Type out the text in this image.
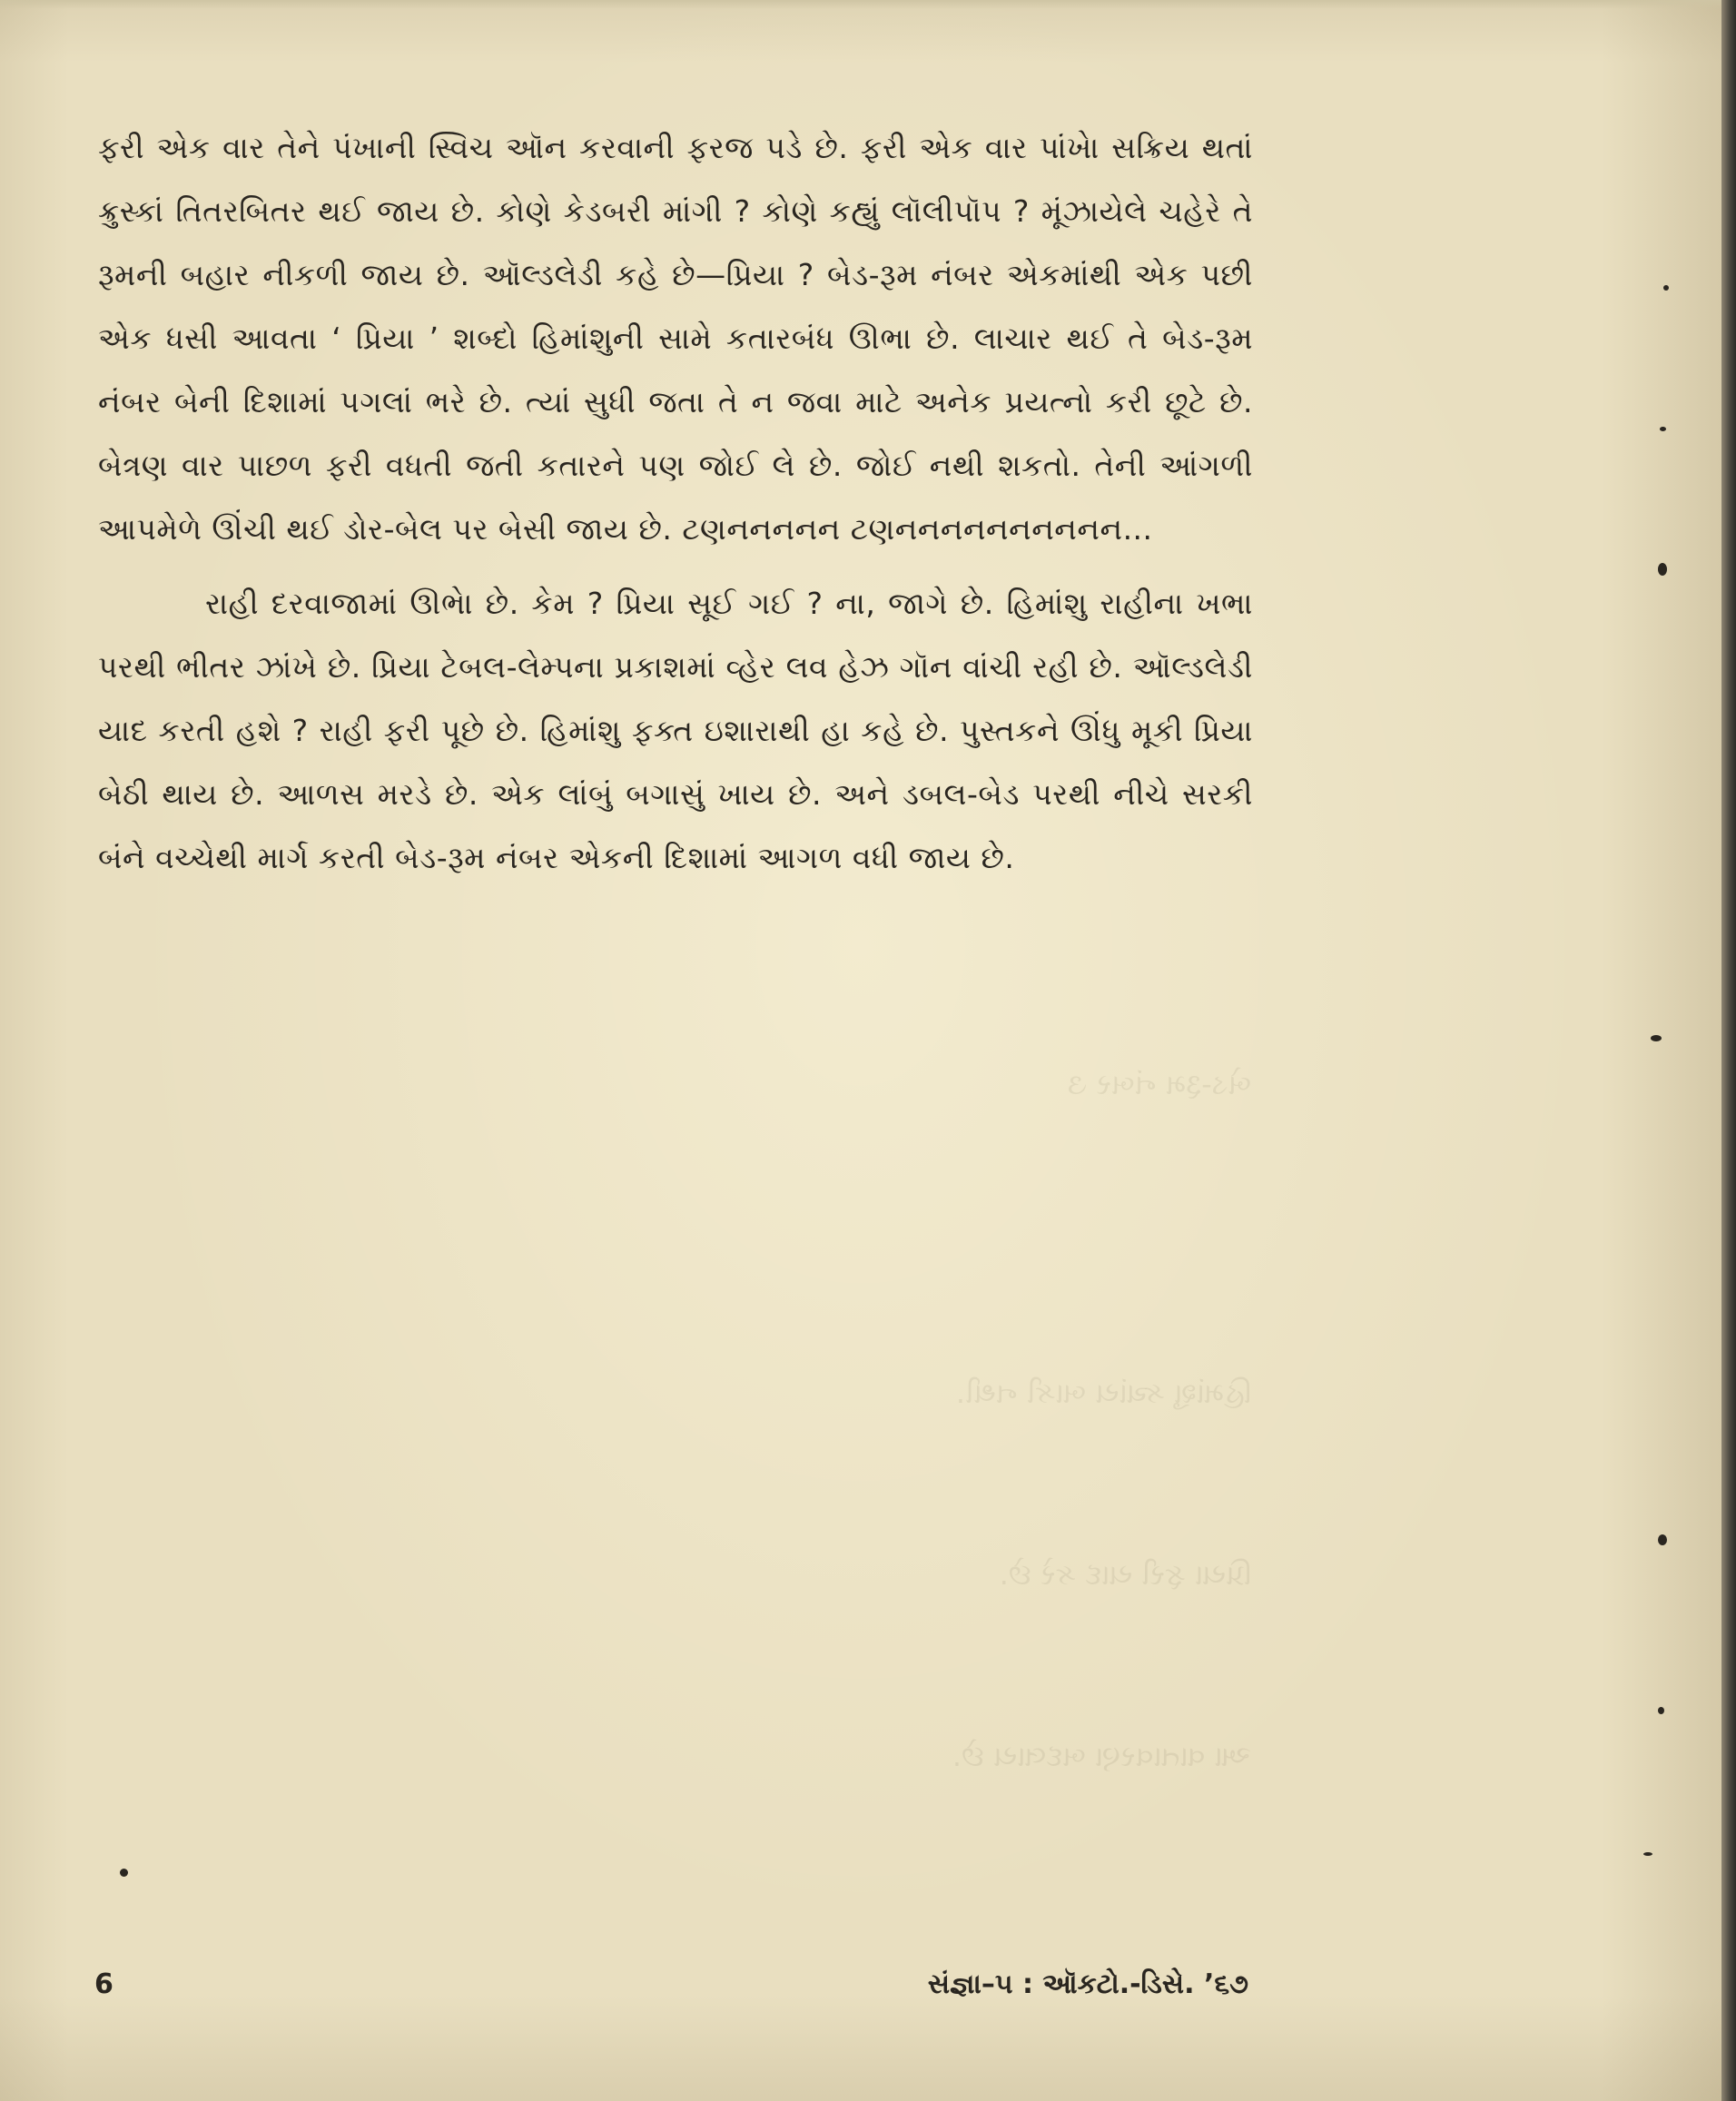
બેડ-રૂમ નંબર ૩
હિમાંશુ ક્યાંય બાકી નથી.
પ્રિયા ફરી યાદ કરે છે.
આ વાતાવરણ બદલાય છે.

ફરી એક વાર તેને પંખાની સ્વિચ ઑન કરવાની ફરજ પડે છે. ફરી એક વાર પાંખેા સક્રિય થતાં ક્રુસ્કાં તિતરબિતર થઈ જાય છે. કોણે કેડબરી માંગી ? કોણે કહ્યું લૉલીપૉપ ? મૂંઝાયેલે ચહેરે તે રૂમની બહાર નીકળી જાય છે. ઑલ્ડલેડી કહે છે—પ્રિયા ? બેડ-રૂમ નંબર એકમાંથી એક પછી એક ધસી આવતા ‘ પ્રિયા ’ શબ્દો હિમાંશુની સામે કતારબંધ ઊભા છે. લાચાર થઈ તે બેડ-રૂમ નંબર બેની દિશામાં પગલાં ભરે છે. ત્યાં સુધી જતા તે ન જવા માટે અનેક પ્રયત્નો કરી છૂટે છે. બેત્રણ વાર પાછળ ફરી વધતી જતી કતારને પણ જોઈ લે છે. જોઈ નથી શકતો. તેની આંગળી આપમેળે ઊંચી થઈ ડોર-બેલ પર બેસી જાય છે. ટણનનનનન ટણનનનનનનનનનન...

રાહી દરવાજામાં ઊભેા છે. કેમ ? પ્રિયા સૂઈ ગઈ ? ના, જાગે છે. હિમાંશુ રાહીના ખભા પરથી ભીતર ઝાંખે છે. પ્રિયા ટેબલ-લેમ્પના પ્રકાશમાં વ્હેર લવ હેઝ ગૉન વાંચી રહી છે. ઑલ્ડલેડી યાદ કરતી હશે ? રાહી ફરી પૂછે છે. હિમાંશુ ફક્ત ઇશારાથી હા કહે છે. પુસ્તકને ઊંધુ મૂકી પ્રિયા બેઠી થાય છે. આળસ મરડે છે. એક લાંબું બગાસું ખાય છે. અને ડબલ-બેડ પરથી નીચે સરકી બંને વચ્ચેથી માર્ગ કરતી બેડ-રૂમ નંબર એકની દિશામાં આગળ વધી જાય છે.

6	સંજ્ઞા–૫ : ઑકટો.-ડિસે. ’૬૭
